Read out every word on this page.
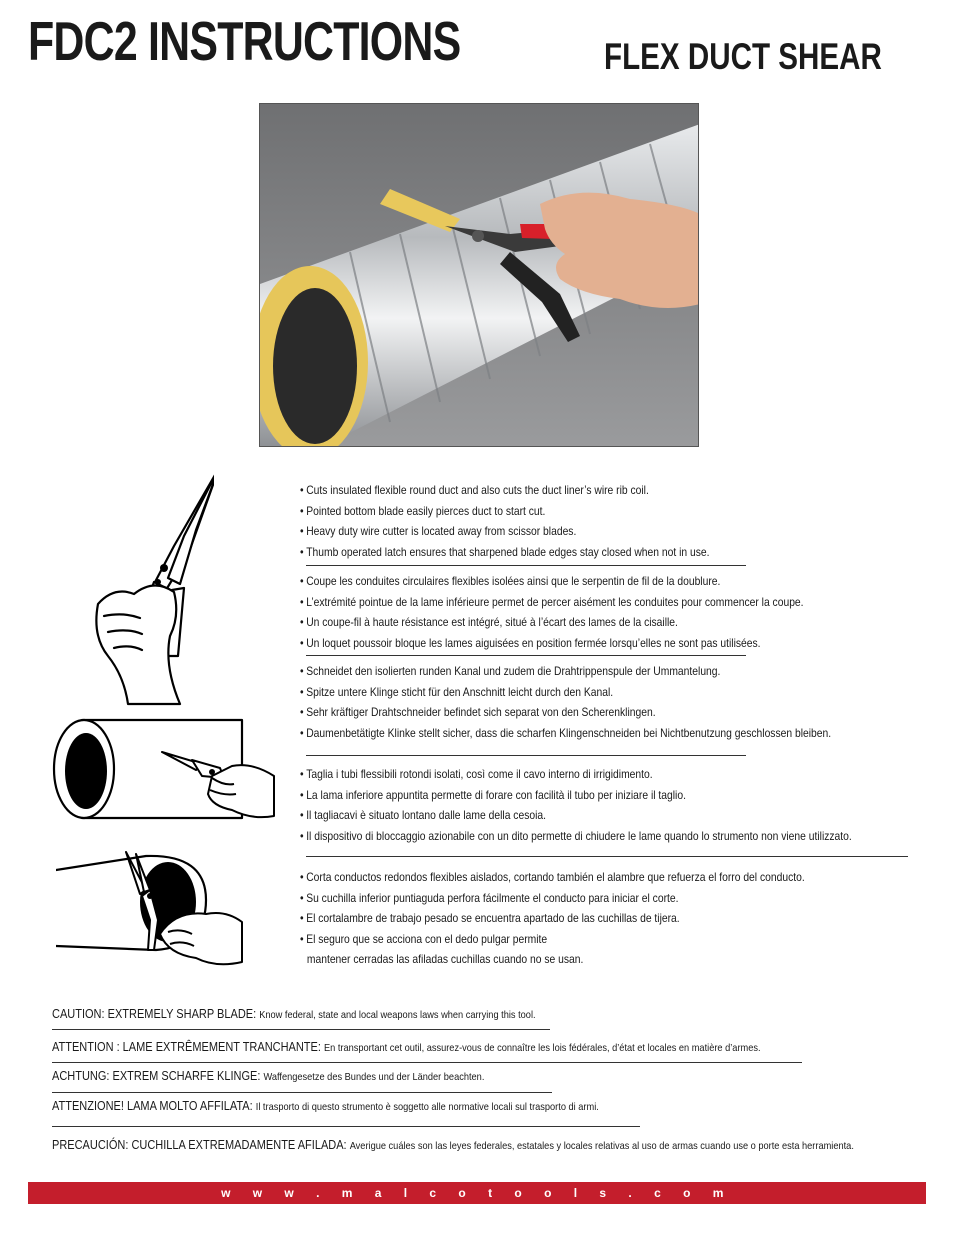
FDC2 INSTRUCTIONS	FLEX DUCT SHEAR
• Cuts insulated flexible round duct and also cuts the duct liner’s wire rib coil.
• Pointed bottom blade easily pierces duct to start cut.
• Heavy duty wire cutter is located away from scissor blades.
• Thumb operated latch ensures that sharpened blade edges stay closed when not in use.
• Coupe les conduites circulaires flexibles isolées ainsi que le serpentin de fil de la doublure.
• L’extrémité pointue de la lame inférieure permet de percer aisément les conduites pour commencer la coupe.
• Un coupe-fil à haute résistance est intégré, situé à l’écart des lames de la cisaille.
• Un loquet poussoir bloque les lames aiguisées en position fermée lorsqu’elles ne sont pas utilisées.
• Schneidet den isolierten runden Kanal und zudem die Drahtrippenspule der Ummantelung.
• Spitze untere Klinge sticht für den Anschnitt leicht durch den Kanal.
• Sehr kräftiger Drahtschneider befindet sich separat von den Scherenklingen.
• Daumenbetätigte Klinke stellt sicher, dass die scharfen Klingenschneiden bei Nichtbenutzung geschlossen bleiben.
• Taglia i tubi flessibili rotondi isolati, così come il cavo interno di irrigidimento.
• La lama inferiore appuntita permette di forare con facilità il tubo per iniziare il taglio.
• Il tagliacavi è situato lontano dalle lame della cesoia.
• Il dispositivo di bloccaggio azionabile con un dito permette di chiudere le lame quando lo strumento non viene utilizzato.
• Corta conductos redondos flexibles aislados, cortando también el alambre que refuerza el forro del conducto.
• Su cuchilla inferior puntiaguda perfora fácilmente el conducto para iniciar el corte.
• El cortalambre de trabajo pesado se encuentra apartado de las cuchillas de tijera.
• El seguro que se acciona con el dedo pulgar permite
mantener cerradas las afiladas cuchillas cuando no se usan.
CAUTION: EXTREMELY SHARP BLADE: Know federal, state and local weapons laws when carrying this tool.
ATTENTION : LAME EXTRÊMEMENT TRANCHANTE: En transportant cet outil, assurez-vous de connaître les lois fédérales, d’état et locales en matière d’armes.
ACHTUNG: EXTREM SCHARFE KLINGE: Waffengesetze des Bundes und der Länder beachten.
ATTENZIONE! LAMA MOLTO AFFILATA: Il trasporto di questo strumento è soggetto alle normative locali sul trasporto di armi.
PRECAUCIÓN: CUCHILLA EXTREMADAMENTE AFILADA: Averigue cuáles son las leyes federales, estatales y locales relativas al uso de armas cuando use o porte esta herramienta.
w w w . m a l c o t o o l s . c o m
